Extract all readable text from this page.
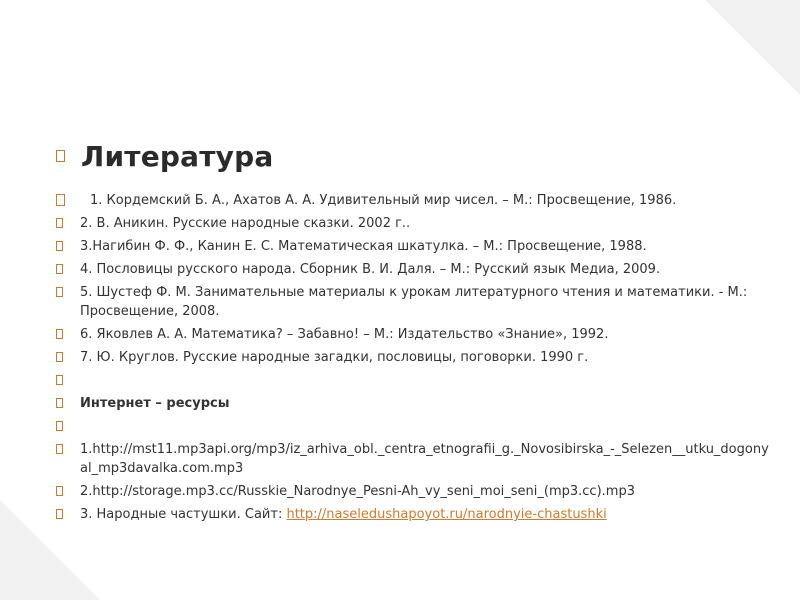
Литература
1. Кордемский Б. А., Ахатов А. А. Удивительный мир чисел. – М.: Просвещение, 1986.
2. В. Аникин. Русские народные сказки. 2002 г..
3.Нагибин Ф. Ф., Канин Е. С. Математическая шкатулка. – М.: Просвещение, 1988.
4. Пословицы русского народа. Сборник В. И. Даля. – М.: Русский язык Медиа, 2009.
5. Шустеф Ф. М. Занимательные материалы к урокам литературного чтения и математики. - М.: Просвещение, 2008.
6. Яковлев А. А. Математика? – Забавно! – М.: Издательство «Знание», 1992.
7. Ю. Круглов. Русские народные загадки, пословицы, поговорки. 1990 г.
Интернет – ресурсы
1.http://mst11.mp3api.org/mp3/iz_arhiva_obl._centra_etnografii_g._Novosibirska_-_Selezen__utku_dogonyal_mp3davalka.com.mp3
2.http://storage.mp3.cc/Russkie_Narodnye_Pesni-Ah_vy_seni_moi_seni_(mp3.cc).mp3
3. Народные частушки. Сайт: http://naseledushapoyot.ru/narodnyie-chastushki
